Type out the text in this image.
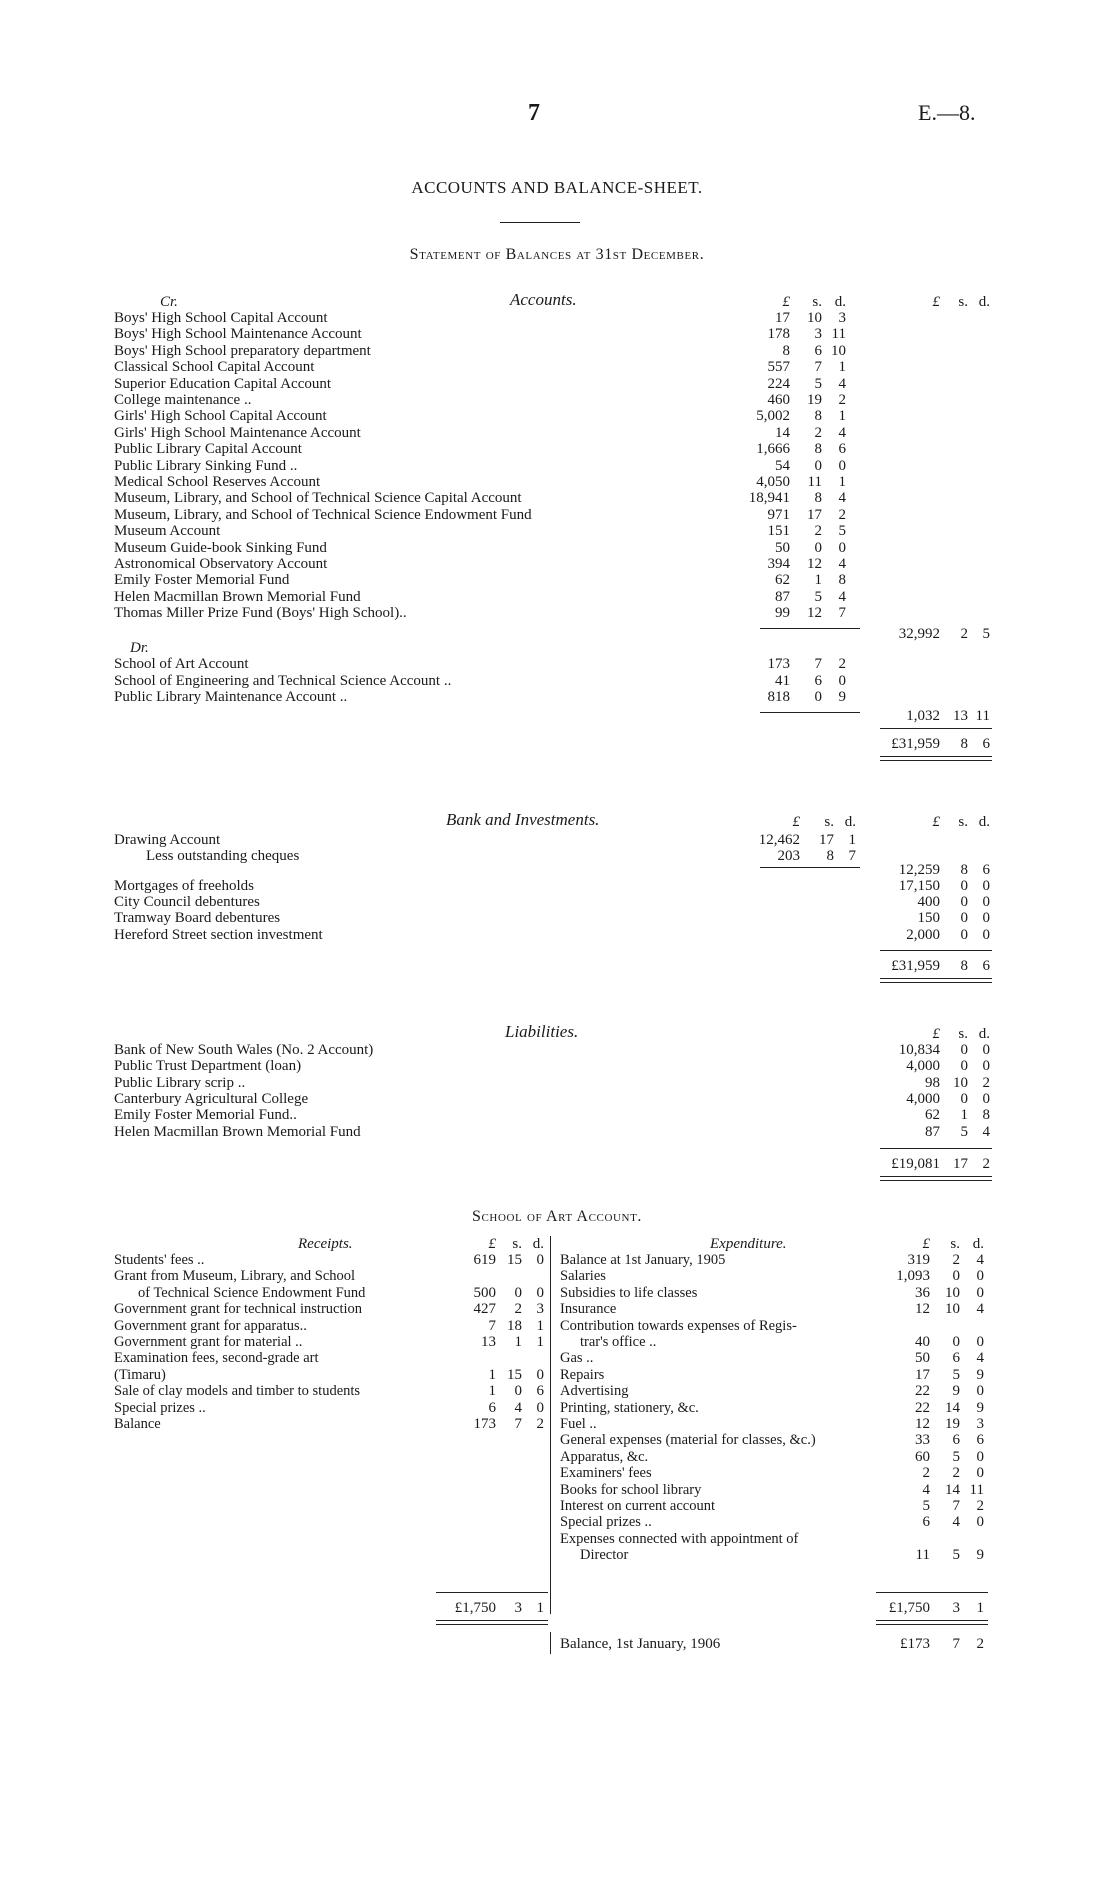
7	E.—8.
ACCOUNTS AND BALANCE-SHEET.
Statement of Balances at 31st December.
Accounts.
Cr.	£	s. d.	£	s. d.
Boys' High School Capital Account	17	10	3
Boys' High School Maintenance Account	178	3 11
Boys' High School preparatory department	8	6 10
Classical School Capital Account	557	7	1
Superior Education Capital Account	224	5	4
College maintenance ..	460	19	2
Girls' High School Capital Account	5,002	8	1
Girls' High School Maintenance Account	14	2	4
Public Library Capital Account	1,666	8	6
Public Library Sinking Fund ..	54	0	0
Medical School Reserves Account	4,050	11	1
Museum, Library, and School of Technical Science Capital Account	18,941	8	4
Museum, Library, and School of Technical Science Endowment Fund	971	17	2
Museum Account	151	2	5
Museum Guide-book Sinking Fund	50	0	0
Astronomical Observatory Account	394	12	4
Emily Foster Memorial Fund	62	1	8
Helen Macmillan Brown Memorial Fund	87	5	4
Thomas Miller Prize Fund (Boys' High School)..	99	12	7
32,992	2 5
Dr.
School of Art Account	173	7	2
School of Engineering and Technical Science Account ..	41	6	0
Public Library Maintenance Account ..	818	0	9
1,032 13 11
£31,959	8 6
Bank and Investments.	£	s. d.	£	s. d.
Drawing Account	12,462	17 1
Less outstanding cheques	203	8 7
12,259	8 6
Mortgages of freeholds	17,150	0 0
City Council debentures	400	0 0
Tramway Board debentures	150	0 0
Hereford Street section investment	2,000	0 0
£31,959	8 6
Liabilities.	£	s. d.
Bank of New South Wales (No. 2 Account)	10,834	0 0
Public Trust Department (loan)	4,000	0 0
Public Library scrip ..	98 10 2
Canterbury Agricultural College	4,000	0 0
Emily Foster Memorial Fund..	62	1 8
Helen Macmillan Brown Memorial Fund	87	5 4
£19,081 17 2
School of Art Account.
Receipts.	Expenditure.
£	s. d.	£	s. d.
Students' fees ..	619 15 0
Grant from Museum, Library, and School
of Technical Science Endowment Fund	500	0 0
Government grant for technical instruction	427	2 3
Government grant for apparatus..	7 18 1
Government grant for material ..	13	1 1
Examination fees, second-grade art
(Timaru)	1 15 0
Sale of clay models and timber to students	1	0 6
Special prizes ..	6	4 0
Balance	173	7 2
Balance at 1st January, 1905	319	2	4
Salaries	1,093	0	0
Subsidies to life classes	36	10	0
Insurance	12	10	4
Contribution towards expenses of Regis-
trar's office ..	40	0	0
Gas ..	50	6	4
Repairs	17	5	9
Advertising	22	9	0
Printing, stationery, &c.	22	14	9
Fuel ..	12	19	3
General expenses (material for classes, &c.)	33	6	6
Apparatus, &c.	60	5	0
Examiners' fees	2	2	0
Books for school library	4	14 11
Interest on current account	5	7	2
Special prizes ..	6	4	0
Expenses connected with appointment of
Director	11	5	9
£1,750	3 1	£1,750	3	1
Balance, 1st January, 1906	£173	7	2
